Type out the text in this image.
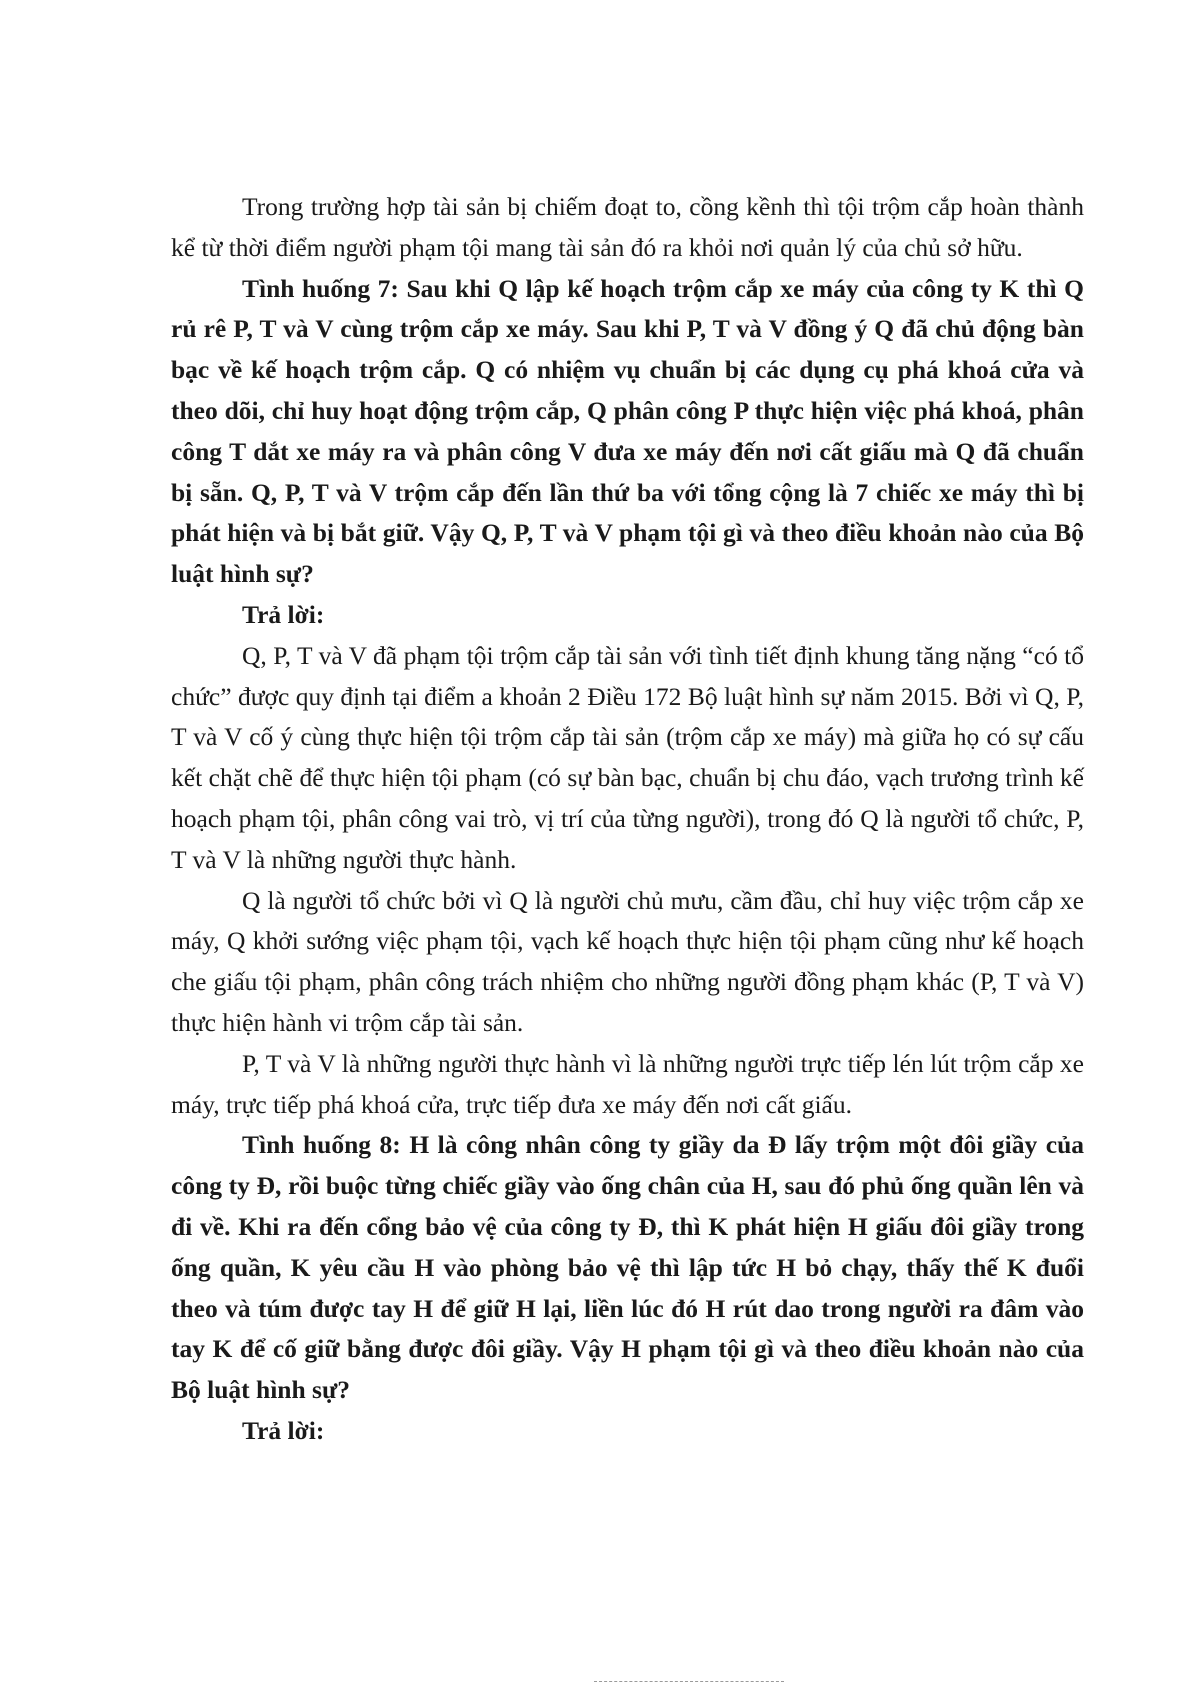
Trong trường hợp tài sản bị chiếm đoạt to, cồng kềnh thì tội trộm cắp hoàn thành kể từ thời điểm người phạm tội mang tài sản đó ra khỏi nơi quản lý của chủ sở hữu.

Tình huống 7: Sau khi Q lập kế hoạch trộm cắp xe máy của công ty K thì Q rủ rê P, T và V cùng trộm cắp xe máy. Sau khi P, T và V đồng ý Q đã chủ động bàn bạc về kế hoạch trộm cắp. Q có nhiệm vụ chuẩn bị các dụng cụ phá khoá cửa và theo dõi, chỉ huy hoạt động trộm cắp, Q phân công P thực hiện việc phá khoá, phân công T dắt xe máy ra và phân công V đưa xe máy đến nơi cất giấu mà Q đã chuẩn bị sẵn. Q, P, T và V trộm cắp đến lần thứ ba với tổng cộng là 7 chiếc xe máy thì bị phát hiện và bị bắt giữ. Vậy Q, P, T và V phạm tội gì và theo điều khoản nào của Bộ luật hình sự?

Trả lời:

Q, P, T và V đã phạm tội trộm cắp tài sản với tình tiết định khung tăng nặng “có tổ chức” được quy định tại điểm a khoản 2 Điều 172 Bộ luật hình sự năm 2015. Bởi vì Q, P, T và V cố ý cùng thực hiện tội trộm cắp tài sản (trộm cắp xe máy) mà giữa họ có sự cấu kết chặt chẽ để thực hiện tội phạm (có sự bàn bạc, chuẩn bị chu đáo, vạch trương trình kế hoạch phạm tội, phân công vai trò, vị trí của từng người), trong đó Q là người tổ chức, P, T và V là những người thực hành.

Q là người tổ chức bởi vì Q là người chủ mưu, cầm đầu, chỉ huy việc trộm cắp xe máy, Q khởi sướng việc phạm tội, vạch kế hoạch thực hiện tội phạm cũng như kế hoạch che giấu tội phạm, phân công trách nhiệm cho những người đồng phạm khác (P, T và V) thực hiện hành vi trộm cắp tài sản.

P, T và V là những người thực hành vì là những người trực tiếp lén lút trộm cắp xe máy, trực tiếp phá khoá cửa, trực tiếp đưa xe máy đến nơi cất giấu.

Tình huống 8: H là công nhân công ty giầy da Đ lấy trộm một đôi giầy của công ty Đ, rồi buộc từng chiếc giầy vào ống chân của H, sau đó phủ ống quần lên và đi về. Khi ra đến cổng bảo vệ của công ty Đ, thì K phát hiện H giấu đôi giầy trong ống quần, K yêu cầu H vào phòng bảo vệ thì lập tức H bỏ chạy, thấy thế K đuổi theo và túm được tay H để giữ H lại, liền lúc đó H rút dao trong người ra đâm vào tay K để cố giữ bằng được đôi giầy. Vậy H phạm tội gì và theo điều khoản nào của Bộ luật hình sự?

Trả lời:
